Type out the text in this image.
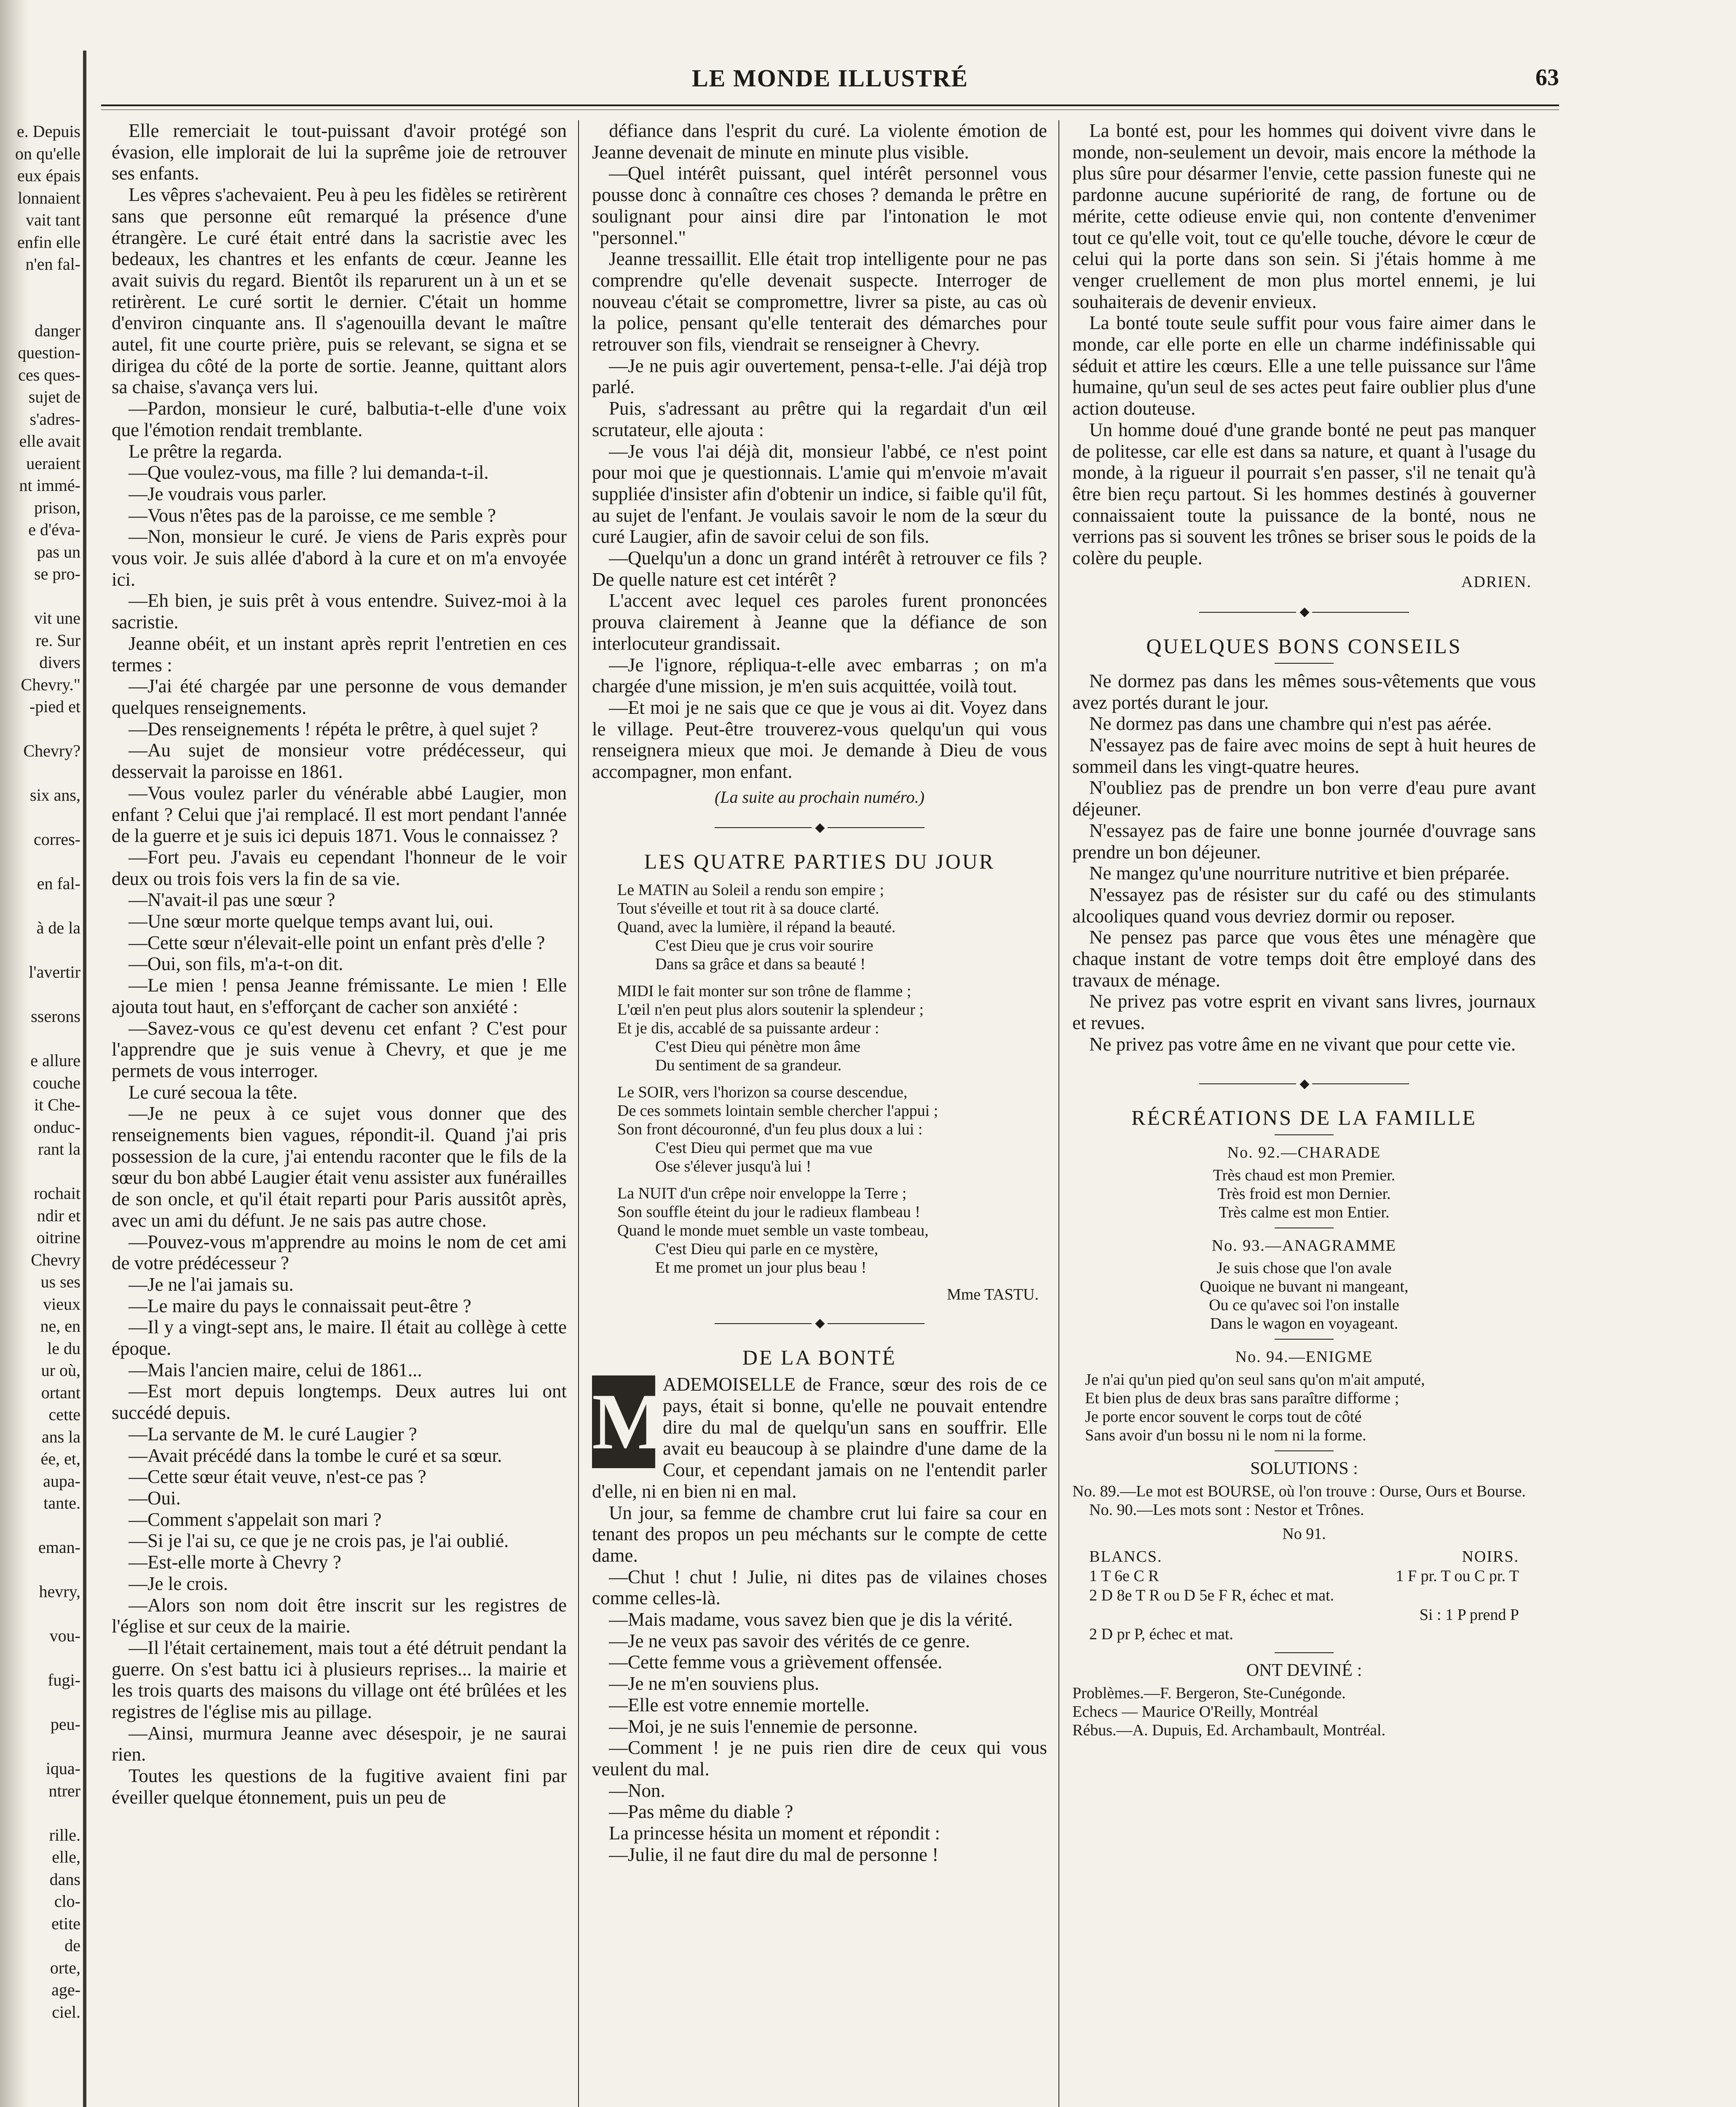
e. Depuis
on qu'elle
eux épais
lonnaient
vait tant
enfin elle
n'en fal-
danger
question-
ces ques-
sujet de
s'adres-
elle avait
ueraient
nt immé-
prison,
e d'éva-
pas un
se pro-
vit une
re. Sur
divers
Chevry."
-pied et
Chevry?
six ans,
corres-
en fal-
à de la
l'avertir
sserons
e allure
couche
it Che-
onduc-
rant la
rochait
ndir et
oitrine
Chevry
us ses
vieux
ne, en
le du
ur où,
ortant
cette
ans la
ée, et,
aupa-
tante.
eman-
hevry,
vou-
fugi-
peu-
iqua-
ntrer
rille.
elle,
dans
clo-
etite
de
orte,
age-
ciel.
LE MONDE ILLUSTRÉ	63

Elle remerciait le tout-puissant d'avoir protégé son évasion, elle implorait de lui la suprême joie de retrouver ses enfants.

Les vêpres s'achevaient. Peu à peu les fidèles se retirèrent sans que personne eût remarqué la présence d'une étrangère. Le curé était entré dans la sacristie avec les bedeaux, les chantres et les enfants de cœur. Jeanne les avait suivis du regard. Bientôt ils reparurent un à un et se retirèrent. Le curé sortit le dernier. C'était un homme d'environ cinquante ans. Il s'agenouilla devant le maître autel, fit une courte prière, puis se relevant, se signa et se dirigea du côté de la porte de sortie. Jeanne, quittant alors sa chaise, s'avança vers lui.

—Pardon, monsieur le curé, balbutia-t-elle d'une voix que l'émotion rendait tremblante.

Le prêtre la regarda.

—Que voulez-vous, ma fille ? lui demanda-t-il.

—Je voudrais vous parler.

—Vous n'êtes pas de la paroisse, ce me semble ?

—Non, monsieur le curé. Je viens de Paris exprès pour vous voir. Je suis allée d'abord à la cure et on m'a envoyée ici.

—Eh bien, je suis prêt à vous entendre. Suivez-moi à la sacristie.

Jeanne obéit, et un instant après reprit l'entretien en ces termes :

—J'ai été chargée par une personne de vous demander quelques renseignements.

—Des renseignements ! répéta le prêtre, à quel sujet ?

—Au sujet de monsieur votre prédécesseur, qui desservait la paroisse en 1861.

—Vous voulez parler du vénérable abbé Laugier, mon enfant ? Celui que j'ai remplacé. Il est mort pendant l'année de la guerre et je suis ici depuis 1871. Vous le connaissez ?

—Fort peu. J'avais eu cependant l'honneur de le voir deux ou trois fois vers la fin de sa vie.

—N'avait-il pas une sœur ?

—Une sœur morte quelque temps avant lui, oui.

—Cette sœur n'élevait-elle point un enfant près d'elle ?

—Oui, son fils, m'a-t-on dit.

—Le mien ! pensa Jeanne frémissante. Le mien ! Elle ajouta tout haut, en s'efforçant de cacher son anxiété :

—Savez-vous ce qu'est devenu cet enfant ? C'est pour l'apprendre que je suis venue à Chevry, et que je me permets de vous interroger.

Le curé secoua la tête.

—Je ne peux à ce sujet vous donner que des renseignements bien vagues, répondit-il. Quand j'ai pris possession de la cure, j'ai entendu raconter que le fils de la sœur du bon abbé Laugier était venu assister aux funérailles de son oncle, et qu'il était reparti pour Paris aussitôt après, avec un ami du défunt. Je ne sais pas autre chose.

—Pouvez-vous m'apprendre au moins le nom de cet ami de votre prédécesseur ?

—Je ne l'ai jamais su.

—Le maire du pays le connaissait peut-être ?

—Il y a vingt-sept ans, le maire. Il était au collège à cette époque.

—Mais l'ancien maire, celui de 1861...

—Est mort depuis longtemps. Deux autres lui ont succédé depuis.

—La servante de M. le curé Laugier ?

—Avait précédé dans la tombe le curé et sa sœur.

—Cette sœur était veuve, n'est-ce pas ?

—Oui.

—Comment s'appelait son mari ?

—Si je l'ai su, ce que je ne crois pas, je l'ai oublié.

—Est-elle morte à Chevry ?

—Je le crois.

—Alors son nom doit être inscrit sur les registres de l'église et sur ceux de la mairie.

—Il l'était certainement, mais tout a été détruit pendant la guerre. On s'est battu ici à plusieurs reprises... la mairie et les trois quarts des maisons du village ont été brûlées et les registres de l'église mis au pillage.

—Ainsi, murmura Jeanne avec désespoir, je ne saurai rien.

Toutes les questions de la fugitive avaient fini par éveiller quelque étonnement, puis un peu de

défiance dans l'esprit du curé. La violente émotion de Jeanne devenait de minute en minute plus visible.

—Quel intérêt puissant, quel intérêt personnel vous pousse donc à connaître ces choses ? demanda le prêtre en soulignant pour ainsi dire par l'intonation le mot "personnel."

Jeanne tressaillit. Elle était trop intelligente pour ne pas comprendre qu'elle devenait suspecte. Interroger de nouveau c'était se compromettre, livrer sa piste, au cas où la police, pensant qu'elle tenterait des démarches pour retrouver son fils, viendrait se renseigner à Chevry.

—Je ne puis agir ouvertement, pensa-t-elle. J'ai déjà trop parlé.

Puis, s'adressant au prêtre qui la regardait d'un œil scrutateur, elle ajouta :

—Je vous l'ai déjà dit, monsieur l'abbé, ce n'est point pour moi que je questionnais. L'amie qui m'envoie m'avait suppliée d'insister afin d'obtenir un indice, si faible qu'il fût, au sujet de l'enfant. Je voulais savoir le nom de la sœur du curé Laugier, afin de savoir celui de son fils.

—Quelqu'un a donc un grand intérêt à retrouver ce fils ? De quelle nature est cet intérêt ?

L'accent avec lequel ces paroles furent prononcées prouva clairement à Jeanne que la défiance de son interlocuteur grandissait.

—Je l'ignore, répliqua-t-elle avec embarras ; on m'a chargée d'une mission, je m'en suis acquittée, voilà tout.

—Et moi je ne sais que ce que je vous ai dit. Voyez dans le village. Peut-être trouverez-vous quelqu'un qui vous renseignera mieux que moi. Je demande à Dieu de vous accompagner, mon enfant.

(La suite au prochain numéro.)

◆
LES QUATRE PARTIES DU JOUR
Le MATIN au Soleil a rendu son empire ;
Tout s'éveille et tout rit à sa douce clarté.
Quand, avec la lumière, il répand la beauté.
C'est Dieu que je crus voir sourire
Dans sa grâce et dans sa beauté !
MIDI le fait monter sur son trône de flamme ;
L'œil n'en peut plus alors soutenir la splendeur ;
Et je dis, accablé de sa puissante ardeur :
C'est Dieu qui pénètre mon âme
Du sentiment de sa grandeur.
Le SOIR, vers l'horizon sa course descendue,
De ces sommets lointain semble chercher l'appui ;
Son front découronné, d'un feu plus doux a lui :
C'est Dieu qui permet que ma vue
Ose s'élever jusqu'à lui !
La NUIT d'un crêpe noir enveloppe la Terre ;
Son souffle éteint du jour le radieux flambeau !
Quand le monde muet semble un vaste tombeau,
C'est Dieu qui parle en ce mystère,
Et me promet un jour plus beau !
Mme TASTU.
◆
DE LA BONTÉ
M

ADEMOISELLE de France, sœur des rois de ce pays, était si bonne, qu'elle ne pouvait entendre dire du mal de quelqu'un sans en souffrir. Elle avait eu beaucoup à se plaindre d'une dame de la Cour, et cependant jamais on ne l'entendit parler d'elle, ni en bien ni en mal.

Un jour, sa femme de chambre crut lui faire sa cour en tenant des propos un peu méchants sur le compte de cette dame.

—Chut ! chut ! Julie, ni dites pas de vilaines choses comme celles-là.

—Mais madame, vous savez bien que je dis la vérité.

—Je ne veux pas savoir des vérités de ce genre.

—Cette femme vous a grièvement offensée.

—Je ne m'en souviens plus.

—Elle est votre ennemie mortelle.

—Moi, je ne suis l'ennemie de personne.

—Comment ! je ne puis rien dire de ceux qui vous veulent du mal.

—Non.

—Pas même du diable ?

La princesse hésita un moment et répondit :

—Julie, il ne faut dire du mal de personne !

La bonté est, pour les hommes qui doivent vivre dans le monde, non-seulement un devoir, mais encore la méthode la plus sûre pour désarmer l'envie, cette passion funeste qui ne pardonne aucune supériorité de rang, de fortune ou de mérite, cette odieuse envie qui, non contente d'envenimer tout ce qu'elle voit, tout ce qu'elle touche, dévore le cœur de celui qui la porte dans son sein. Si j'étais homme à me venger cruellement de mon plus mortel ennemi, je lui souhaiterais de devenir envieux.

La bonté toute seule suffit pour vous faire aimer dans le monde, car elle porte en elle un charme indéfinissable qui séduit et attire les cœurs. Elle a une telle puissance sur l'âme humaine, qu'un seul de ses actes peut faire oublier plus d'une action douteuse.

Un homme doué d'une grande bonté ne peut pas manquer de politesse, car elle est dans sa nature, et quant à l'usage du monde, à la rigueur il pourrait s'en passer, s'il ne tenait qu'à être bien reçu partout. Si les hommes destinés à gouverner connaissaient toute la puissance de la bonté, nous ne verrions pas si souvent les trônes se briser sous le poids de la colère du peuple.

ADRIEN.
◆
QUELQUES BONS CONSEILS

Ne dormez pas dans les mêmes sous-vêtements que vous avez portés durant le jour.

Ne dormez pas dans une chambre qui n'est pas aérée.

N'essayez pas de faire avec moins de sept à huit heures de sommeil dans les vingt-quatre heures.

N'oubliez pas de prendre un bon verre d'eau pure avant déjeuner.

N'essayez pas de faire une bonne journée d'ouvrage sans prendre un bon déjeuner.

Ne mangez qu'une nourriture nutritive et bien préparée.

N'essayez pas de résister sur du café ou des stimulants alcooliques quand vous devriez dormir ou reposer.

Ne pensez pas parce que vous êtes une ménagère que chaque instant de votre temps doit être employé dans des travaux de ménage.

Ne privez pas votre esprit en vivant sans livres, journaux et revues.

Ne privez pas votre âme en ne vivant que pour cette vie.

◆
RÉCRÉATIONS DE LA FAMILLE
No. 92.—CHARADE
Très chaud est mon Premier.
Très froid est mon Dernier.
Très calme est mon Entier.
No. 93.—ANAGRAMME
Je suis chose que l'on avale
Quoique ne buvant ni mangeant,
Ou ce qu'avec soi l'on installe
Dans le wagon en voyageant.
No. 94.—ENIGME
Je n'ai qu'un pied qu'on seul sans qu'on m'ait amputé,
Et bien plus de deux bras sans paraître difforme ;
Je porte encor souvent le corps tout de côté
Sans avoir d'un bossu ni le nom ni la forme.
SOLUTIONS :
No. 89.—Le mot est BOURSE, où l'on trouve : Ourse, Ours et Bourse.
No. 90.—Les mots sont : Nestor et Trônes.
No 91.
BLANCS.	NOIRS.
1 T 6e C R	1 F pr. T ou C pr. T
2 D 8e T R ou D 5e F R, échec et mat.
Si : 1 P prend P
2 D pr P, échec et mat.
ONT DEVINÉ :
Problèmes.—F. Bergeron, Ste-Cunégonde.
Echecs — Maurice O'Reilly, Montréal
Rébus.—A. Dupuis, Ed. Archambault, Montréal.
